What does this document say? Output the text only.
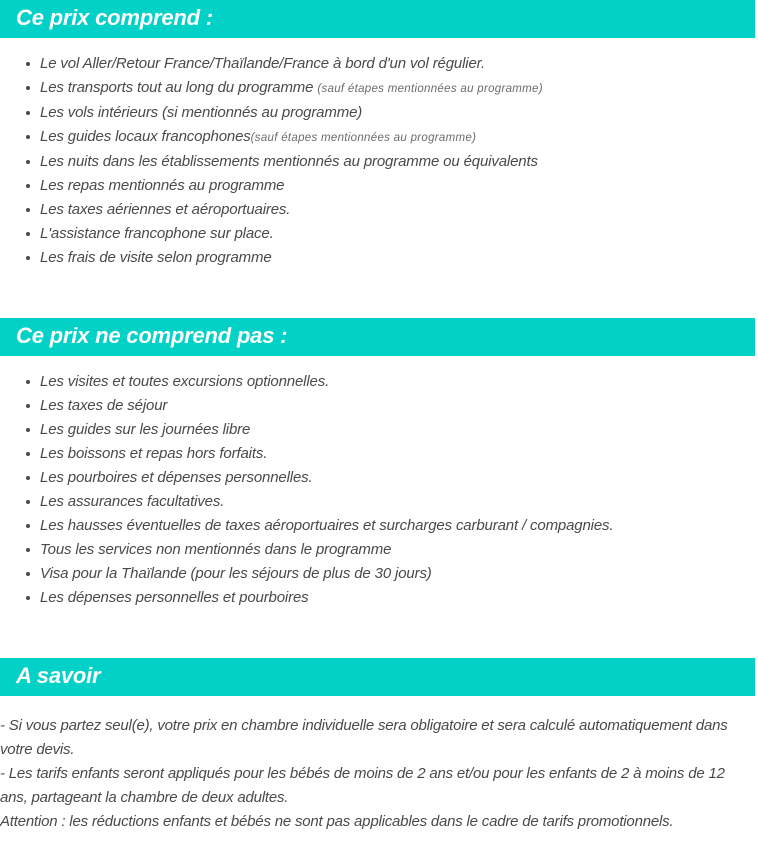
Ce prix comprend :
Le vol Aller/Retour France/Thaïlande/France à bord d'un vol régulier.
Les transports tout au long du programme (sauf étapes mentionnées au programme)
Les vols intérieurs (si mentionnés au programme)
Les guides locaux francophones(sauf étapes mentionnées au programme)
Les nuits dans les établissements mentionnés au programme ou équivalents
Les repas mentionnés au programme
Les taxes aériennes et aéroportuaires.
L'assistance francophone sur place.
Les frais de visite selon programme
Ce prix ne comprend pas :
Les visites et toutes excursions optionnelles.
Les taxes de séjour
Les guides sur les journées libre
Les boissons et repas hors forfaits.
Les pourboires et dépenses personnelles.
Les assurances facultatives.
Les hausses éventuelles de taxes aéroportuaires et surcharges carburant / compagnies.
Tous les services non mentionnés dans le programme
Visa pour la Thaïlande (pour les séjours de plus de 30 jours)
Les dépenses personnelles et pourboires
A savoir

- Si vous partez seul(e), votre prix en chambre individuelle sera obligatoire et sera calculé automatiquement dans votre devis.

- Les tarifs enfants seront appliqués pour les bébés de moins de 2 ans et/ou pour les enfants de 2 à moins de 12 ans, partageant la chambre de deux adultes.

Attention : les réductions enfants et bébés ne sont pas applicables dans le cadre de tarifs promotionnels.
